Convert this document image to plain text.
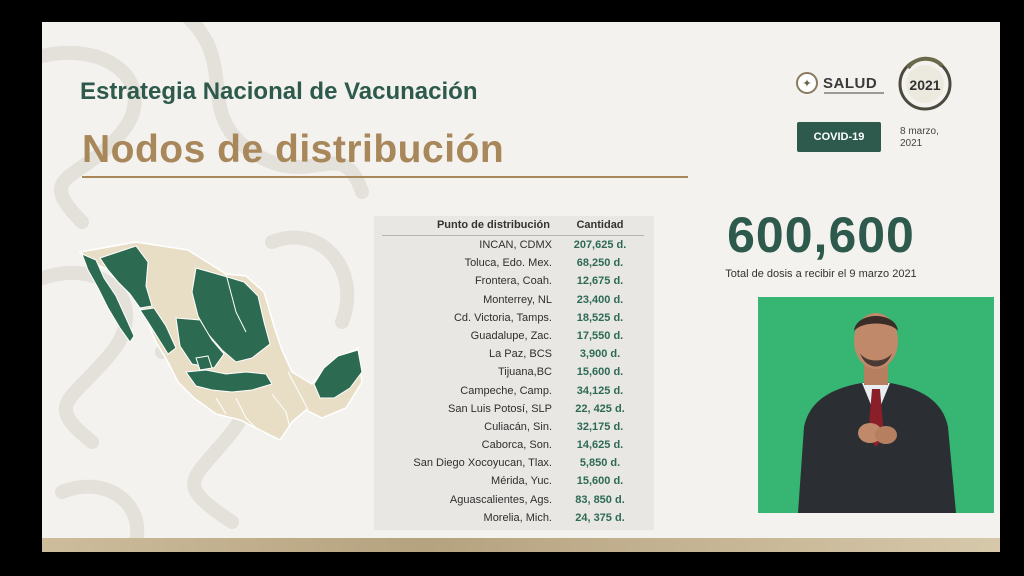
Estrategia Nacional de Vacunación
Nodos de distribución
✦ SALUD 2021
COVID-19	8 marzo,
2021
Punto de distribución	Cantidad
INCAN, CDMX	207,625 d.
Toluca, Edo. Mex.	68,250 d.
Frontera, Coah.	12,675 d.
Monterrey, NL	23,400 d.
Cd. Victoria, Tamps.	18,525 d.
Guadalupe, Zac.	17,550 d.
La Paz, BCS	3,900 d.
Tijuana,BC	15,600 d.
Campeche, Camp.	34,125 d.
San Luis Potosí, SLP	22, 425 d.
Culiacán, Sin.	32,175 d.
Caborca, Son.	14,625 d.
San Diego Xocoyucan, Tlax.	5,850 d.
Mérida, Yuc.	15,600 d.
Aguascalientes, Ags.	83, 850 d.
Morelia, Mich.	24, 375 d.
600,600
Total de dosis a recibir el 9 marzo 2021
